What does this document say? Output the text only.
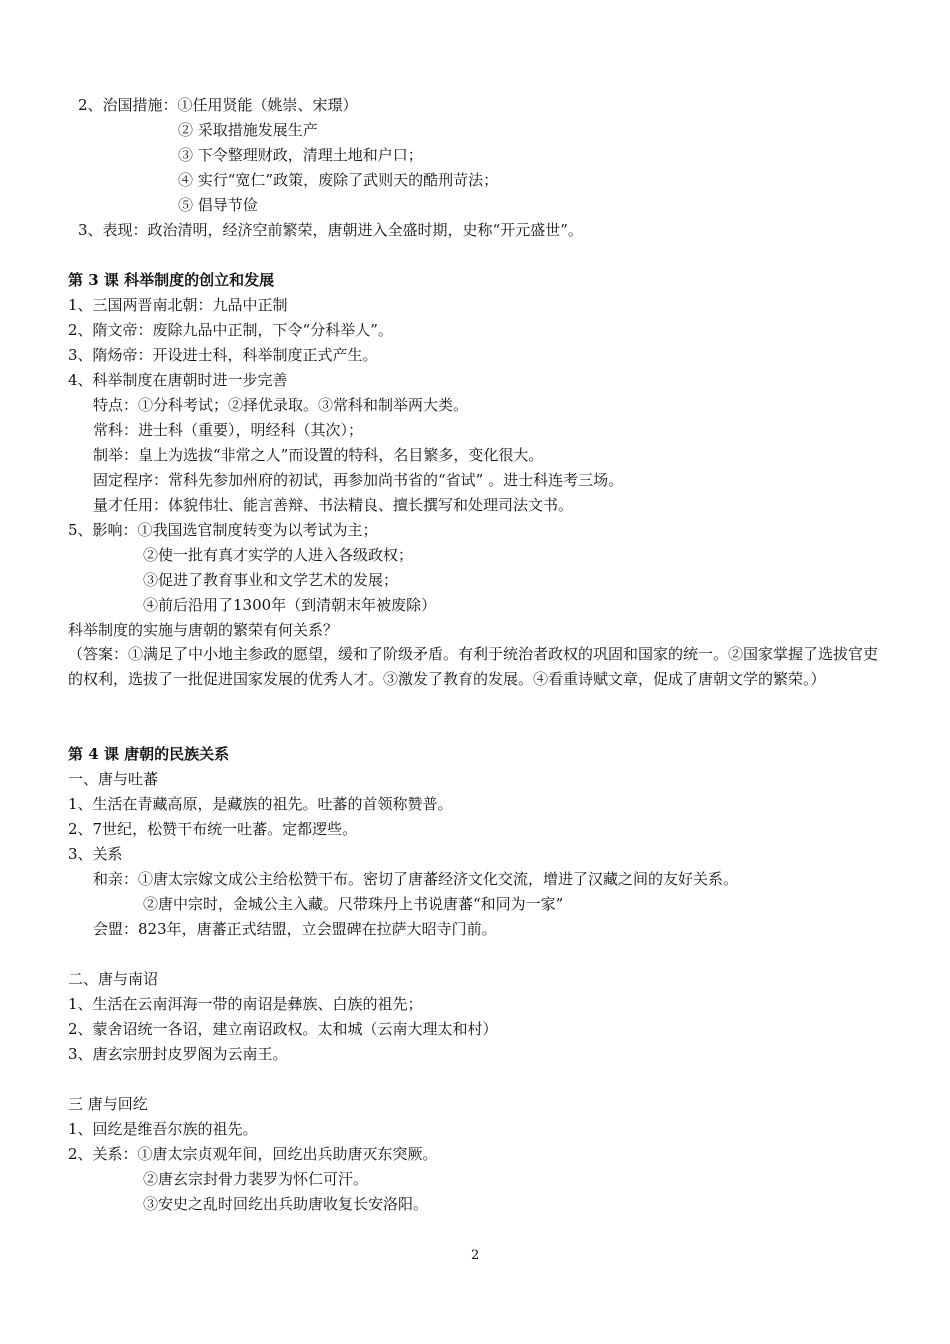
2、治国措施：①任用贤能（姚崇、宋璟）
② 采取措施发展生产
③ 下令整理财政，清理土地和户口；
④ 实行“宽仁”政策，废除了武则天的酷刑苛法；
⑤ 倡导节俭
3、表现：政治清明，经济空前繁荣，唐朝进入全盛时期，史称“开元盛世”。
第 3 课 科举制度的创立和发展
1、三国两晋南北朝：九品中正制
2、隋文帝：废除九品中正制，下令“分科举人”。
3、隋炀帝：开设进士科，科举制度正式产生。
4、科举制度在唐朝时进一步完善
特点：①分科考试；②择优录取。③常科和制举两大类。
常科：进士科（重要），明经科（其次）；
制举：皇上为选拔“非常之人”而设置的特科，名目繁多，变化很大。
固定程序：常科先参加州府的初试，再参加尚书省的“省试” 。进士科连考三场。
量才任用：体貌伟壮、能言善辩、书法精良、擅长撰写和处理司法文书。
5、影响：①我国选官制度转变为以考试为主；
②使一批有真才实学的人进入各级政权；
③促进了教育事业和文学艺术的发展；
④前后沿用了1300年（到清朝末年被废除）
科举制度的实施与唐朝的繁荣有何关系？
（答案：①满足了中小地主参政的愿望，缓和了阶级矛盾。有利于统治者政权的巩固和国家的统一。②国家掌握了选拔官吏的权利，选拔了一批促进国家发展的优秀人才。③激发了教育的发展。④看重诗赋文章，促成了唐朝文学的繁荣。）
第 4 课 唐朝的民族关系
一、唐与吐蕃
1、生活在青藏高原，是藏族的祖先。吐蕃的首领称赞普。
2、7世纪，松赞干布统一吐蕃。定都逻些。
3、关系
和亲：①唐太宗嫁文成公主给松赞干布。密切了唐蕃经济文化交流，增进了汉藏之间的友好关系。
②唐中宗时，金城公主入藏。尺带珠丹上书说唐蕃“和同为一家”
会盟：823年，唐蕃正式结盟，立会盟碑在拉萨大昭寺门前。
二、唐与南诏
1、生活在云南洱海一带的南诏是彝族、白族的祖先；
2、蒙舍诏统一各诏，建立南诏政权。太和城（云南大理太和村）
3、唐玄宗册封皮罗阁为云南王。
三 唐与回纥
1、回纥是维吾尔族的祖先。
2、关系：①唐太宗贞观年间，回纥出兵助唐灭东突厥。
②唐玄宗封骨力裴罗为怀仁可汗。
③安史之乱时回纥出兵助唐收复长安洛阳。
2
